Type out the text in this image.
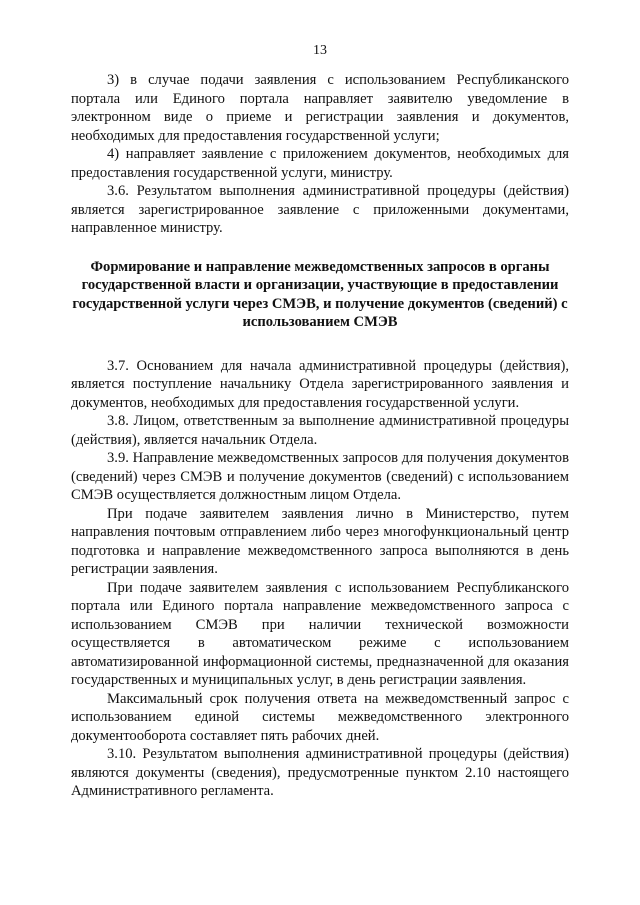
13

3) в случае подачи заявления с использованием Республиканского портала или Единого портала направляет заявителю уведомление в электронном виде о приеме и регистрации заявления и документов, необходимых для предоставления государственной услуги;

4) направляет заявление с приложением документов, необходимых для предоставления государственной услуги, министру.

3.6. Результатом выполнения административной процедуры (действия) является зарегистрированное заявление с приложенными документами, направленное министру.

Формирование и направление межведомственных запросов в органы государственной власти и организации, участвующие в предоставлении государственной услуги через СМЭВ, и получение документов (сведений) с использованием СМЭВ

3.7. Основанием для начала административной процедуры (действия), является поступление начальнику Отдела зарегистрированного заявления и документов, необходимых для предоставления государственной услуги.

3.8. Лицом, ответственным за выполнение административной процедуры (действия), является начальник Отдела.

3.9. Направление межведомственных запросов для получения документов (сведений) через СМЭВ и получение документов (сведений) с использованием СМЭВ осуществляется должностным лицом Отдела.

При подаче заявителем заявления лично в Министерство, путем направления почтовым отправлением либо через многофункциональный центр подготовка и направление межведомственного запроса выполняются в день регистрации заявления.

При подаче заявителем заявления с использованием Республиканского портала или Единого портала направление межведомственного запроса с использованием СМЭВ при наличии технической возможности осуществляется в автоматическом режиме с использованием автоматизированной информационной системы, предназначенной для оказания государственных и муниципальных услуг, в день регистрации заявления.

Максимальный срок получения ответа на межведомственный запрос с использованием единой системы межведомственного электронного документооборота составляет пять рабочих дней.

3.10. Результатом выполнения административной процедуры (действия) являются документы (сведения), предусмотренные пунктом 2.10 настоящего Административного регламента.
